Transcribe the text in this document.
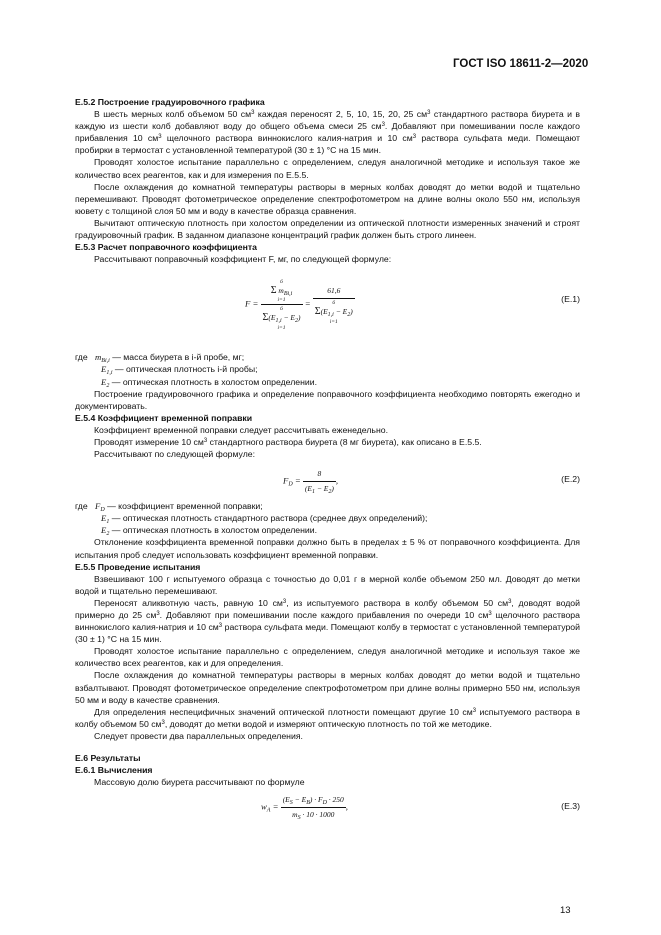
ГОСТ ISO 18611-2—2020

E.5.2 Построение градуировочного графика

В шесть мерных колб объемом 50 $см^3$ каждая переносят 2, 5, 10, 15, 20, 25 $см^3$ стандартного раствора биурета и в каждую из шести колб добавляют воду до общего объема смеси 25 $см^3$. Добавляют при помешивании после каждого прибавления 10 $см^3$ щелочного раствора виннокислого калия-натрия и 10 $см^3$ раствора сульфата меди. Помещают пробирки в термостат с установленной температурой (30 ± 1) °С на 15 мин.

Проводят холостое испытание параллельно с определением, следуя аналогичной методике и используя такое же количество всех реагентов, как и для измерения по Е.5.5.

После охлаждения до комнатной температуры растворы в мерных колбах доводят до метки водой и тщательно перемешивают. Проводят фотометрическое определение спектрофотометром на длине волны около 550 нм, используя кювету с толщиной слоя 50 мм и воду в качестве образца сравнения.

Вычитают оптическую плотность при холостом определении из оптической плотности измеренных значений и строят градуировочный график. В заданном диапазоне концентраций график должен быть строго линеен.

E.5.3 Расчет поправочного коэффициента

Рассчитывают поправочный коэффициент F, мг, по следующей формуле:

F = 6
Σ $m_{Bi,i}$
i=1
6
$\Sigma(E_{1,i} - E_2)$
i=1 = 61,6
6
$\Sigma(E_{1,i} - E_2)$
i=1	(E.1)
где $m_{Bi,i}$
— масса биурета в i-й пробе, мг;
$E_{1,i}$
— оптическая плотность i-й пробы;
$E_2$
— оптическая плотность в холостом определении.

Построение градуировочного графика и определение поправочного коэффициента необходимо повторять ежегодно и документировать.

E.5.4 Коэффициент временной поправки

Коэффициент временной поправки следует рассчитывать еженедельно.

Проводят измерение 10 $см^3$ стандартного раствора биурета (8 мг биурета), как описано в Е.5.5.

Рассчитывают по следующей формуле:

$F_D = \frac{8}{(E_1 - E_2)}$ ,	(E.2)
где $F_D$
— коэффициент временной поправки;
$E_1$
— оптическая плотность стандартного раствора (среднее двух определений);
$E_2$
— оптическая плотность в холостом определении.

Отклонение коэффициента временной поправки должно быть в пределах ± 5 % от поправочного коэффициента. Для испытания проб следует использовать коэффициент временной поправки.

E.5.5 Проведение испытания

Взвешивают 100 г испытуемого образца с точностью до 0,01 г в мерной колбе объемом 250 мл. Доводят до метки водой и тщательно перемешивают.

Переносят аликвотную часть, равную 10 $см^3$, из испытуемого раствора в колбу объемом 50 $см^3$, доводят водой примерно до 25 $см^3$. Добавляют при помешивании после каждого прибавления по очереди 10 $см^3$ щелочного раствора виннокислого калия-натрия и 10 $см^3$ раствора сульфата меди. Помещают колбу в термостат с установленной температурой (30 ± 1) °С на 15 мин.

Проводят холостое испытание параллельно с определением, следуя аналогичной методике и используя такое же количество всех реагентов, как и для определения.

После охлаждения до комнатной температуры растворы в мерных колбах доводят до метки водой и тщательно взбалтывают. Проводят фотометрическое определение спектрофотометром при длине волны примерно 550 нм, используя 50 мм и воду в качестве сравнения.

Для определения неспецифичных значений оптической плотности помещают другие 10 $см^3$ испытуемого раствора в колбу объемом 50 $см^3$, доводят до метки водой и измеряют оптическую плотность по той же методике.

Следует провести два параллельных определения.

E.6 Результаты

E.6.1 Вычисления

Массовую долю биурета рассчитывают по формуле

$w_A = \frac{(E_S - E_B) \cdot F_D \cdot 250}{m_S \cdot 10 \cdot 1000}$ ,	(E.3)
13
